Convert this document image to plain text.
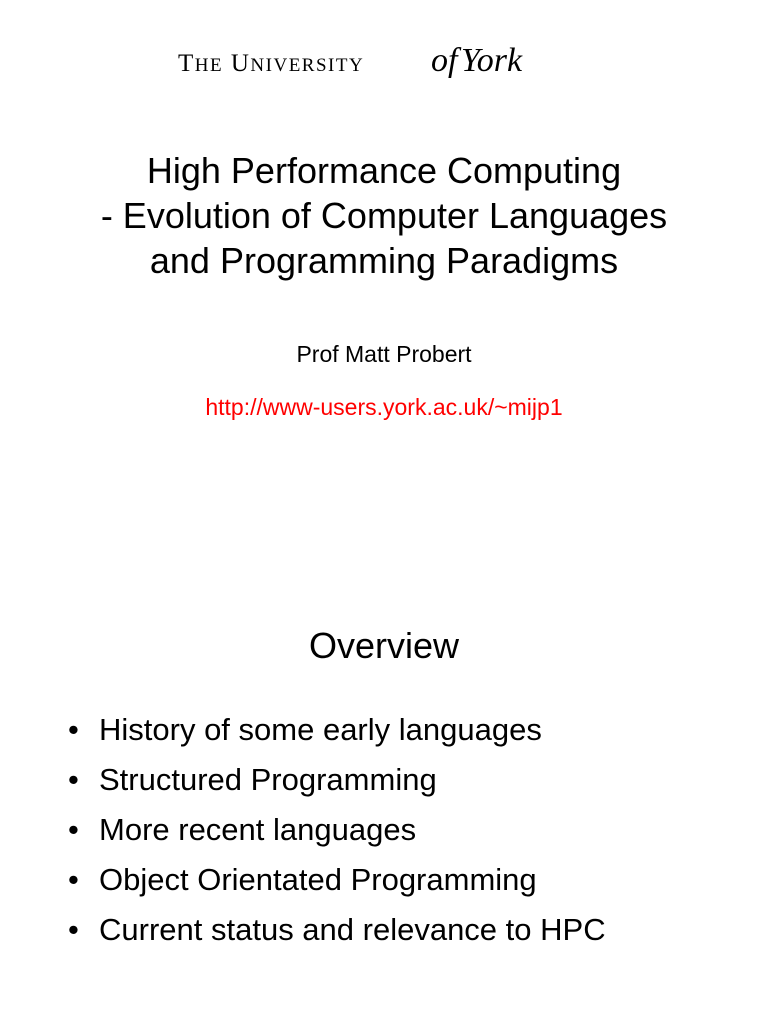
THE UNIVERSITY of York
High Performance Computing
- Evolution of Computer Languages
and Programming Paradigms
Prof Matt Probert
http://www-users.york.ac.uk/~mijp1
Overview
• History of some early languages
• Structured Programming
• More recent languages
• Object Orientated Programming
• Current status and relevance to HPC
